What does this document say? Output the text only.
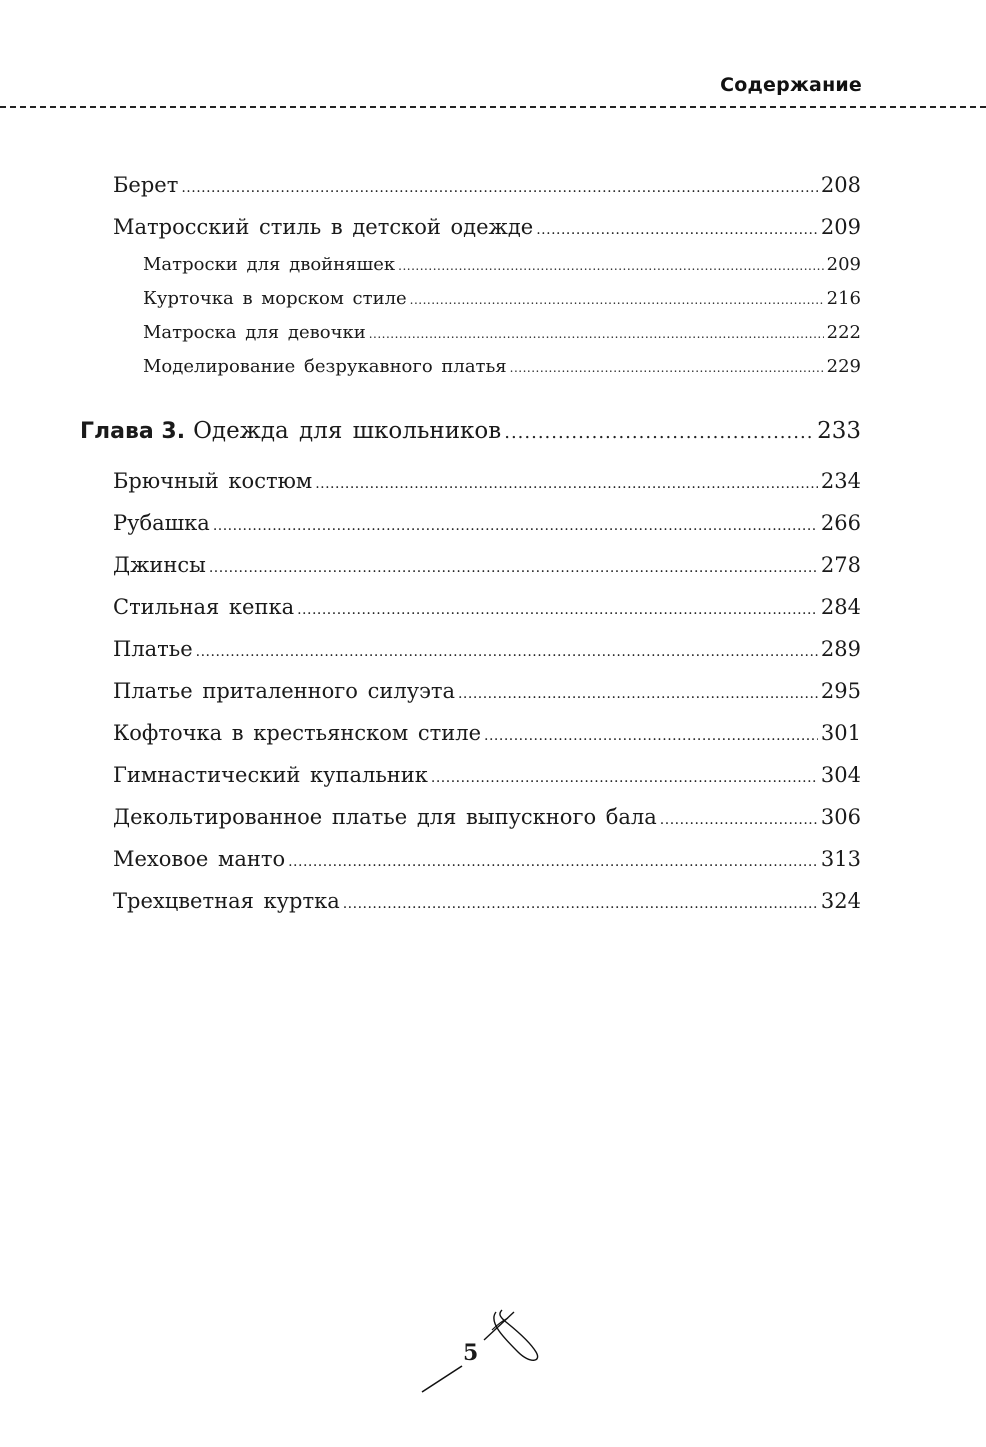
Содержание
Берет .....	208
Матросский стиль в детской одежде .....	209
Матроски для двойняшек .....	209
Курточка в морском стиле .....	216
Матроска для девочки .....	222
Моделирование безрукавного платья .....	229
Глава 3. Одежда для школьников .....	233
Брючный костюм .....	234
Рубашка .....	266
Джинсы .....	278
Стильная кепка .....	284
Платье .....	289
Платье приталенного силуэта .....	295
Кофточка в крестьянском стиле .....	301
Гимнастический купальник .....	304
Декольтированное платье для выпускного бала .....	306
Меховое манто .....	313
Трехцветная куртка .....	324
5
